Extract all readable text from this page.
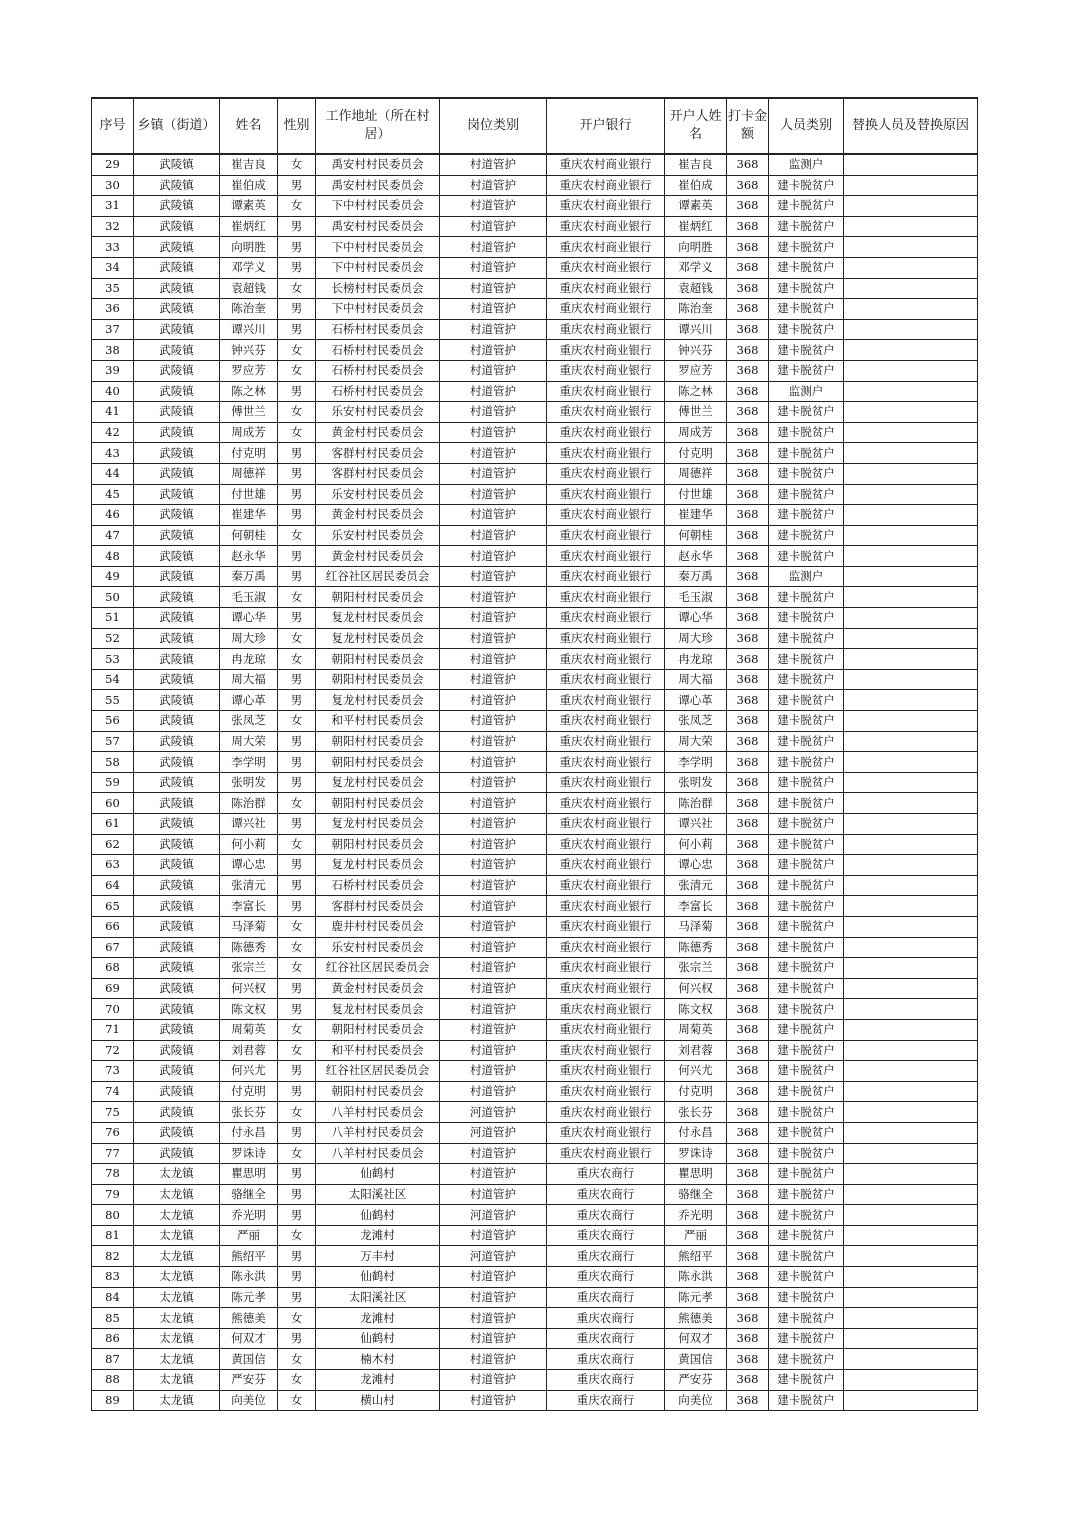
序号	乡镇（街道）	姓名	性别	工作地址（所在村居）	岗位类别	开户银行	开户人姓名	打卡金额	人员类别	替换人员及替换原因
29	武陵镇	崔吉良	女	禹安村村民委员会	村道管护	重庆农村商业银行	崔吉良	368	监测户	
30	武陵镇	崔伯成	男	禹安村村民委员会	村道管护	重庆农村商业银行	崔伯成	368	建卡脱贫户	
31	武陵镇	谭素英	女	下中村村民委员会	村道管护	重庆农村商业银行	谭素英	368	建卡脱贫户	
32	武陵镇	崔炳红	男	禹安村村民委员会	村道管护	重庆农村商业银行	崔炳红	368	建卡脱贫户	
33	武陵镇	向明胜	男	下中村村民委员会	村道管护	重庆农村商业银行	向明胜	368	建卡脱贫户	
34	武陵镇	邓学义	男	下中村村民委员会	村道管护	重庆农村商业银行	邓学义	368	建卡脱贫户	
35	武陵镇	袁超钱	女	长榜村村民委员会	村道管护	重庆农村商业银行	袁超钱	368	建卡脱贫户	
36	武陵镇	陈治奎	男	下中村村民委员会	村道管护	重庆农村商业银行	陈治奎	368	建卡脱贫户	
37	武陵镇	谭兴川	男	石桥村村民委员会	村道管护	重庆农村商业银行	谭兴川	368	建卡脱贫户	
38	武陵镇	钟兴芬	女	石桥村村民委员会	村道管护	重庆农村商业银行	钟兴芬	368	建卡脱贫户	
39	武陵镇	罗应芳	女	石桥村村民委员会	村道管护	重庆农村商业银行	罗应芳	368	建卡脱贫户	
40	武陵镇	陈之林	男	石桥村村民委员会	村道管护	重庆农村商业银行	陈之林	368	监测户	
41	武陵镇	傅世兰	女	乐安村村民委员会	村道管护	重庆农村商业银行	傅世兰	368	建卡脱贫户	
42	武陵镇	周成芳	女	黄金村村民委员会	村道管护	重庆农村商业银行	周成芳	368	建卡脱贫户	
43	武陵镇	付克明	男	客群村村民委员会	村道管护	重庆农村商业银行	付克明	368	建卡脱贫户	
44	武陵镇	周德祥	男	客群村村民委员会	村道管护	重庆农村商业银行	周德祥	368	建卡脱贫户	
45	武陵镇	付世雄	男	乐安村村民委员会	村道管护	重庆农村商业银行	付世雄	368	建卡脱贫户	
46	武陵镇	崔建华	男	黄金村村民委员会	村道管护	重庆农村商业银行	崔建华	368	建卡脱贫户	
47	武陵镇	何朝桂	女	乐安村村民委员会	村道管护	重庆农村商业银行	何朝桂	368	建卡脱贫户	
48	武陵镇	赵永华	男	黄金村村民委员会	村道管护	重庆农村商业银行	赵永华	368	建卡脱贫户	
49	武陵镇	秦万禹	男	红谷社区居民委员会	村道管护	重庆农村商业银行	秦万禹	368	监测户	
50	武陵镇	毛玉淑	女	朝阳村村民委员会	村道管护	重庆农村商业银行	毛玉淑	368	建卡脱贫户	
51	武陵镇	谭心华	男	复龙村村民委员会	村道管护	重庆农村商业银行	谭心华	368	建卡脱贫户	
52	武陵镇	周大珍	女	复龙村村民委员会	村道管护	重庆农村商业银行	周大珍	368	建卡脱贫户	
53	武陵镇	冉龙琼	女	朝阳村村民委员会	村道管护	重庆农村商业银行	冉龙琼	368	建卡脱贫户	
54	武陵镇	周大福	男	朝阳村村民委员会	村道管护	重庆农村商业银行	周大福	368	建卡脱贫户	
55	武陵镇	谭心革	男	复龙村村民委员会	村道管护	重庆农村商业银行	谭心革	368	建卡脱贫户	
56	武陵镇	张凤芝	女	和平村村民委员会	村道管护	重庆农村商业银行	张凤芝	368	建卡脱贫户	
57	武陵镇	周大荣	男	朝阳村村民委员会	村道管护	重庆农村商业银行	周大荣	368	建卡脱贫户	
58	武陵镇	李学明	男	朝阳村村民委员会	村道管护	重庆农村商业银行	李学明	368	建卡脱贫户	
59	武陵镇	张明发	男	复龙村村民委员会	村道管护	重庆农村商业银行	张明发	368	建卡脱贫户	
60	武陵镇	陈治群	女	朝阳村村民委员会	村道管护	重庆农村商业银行	陈治群	368	建卡脱贫户	
61	武陵镇	谭兴社	男	复龙村村民委员会	村道管护	重庆农村商业银行	谭兴社	368	建卡脱贫户	
62	武陵镇	何小莉	女	朝阳村村民委员会	村道管护	重庆农村商业银行	何小莉	368	建卡脱贫户	
63	武陵镇	谭心忠	男	复龙村村民委员会	村道管护	重庆农村商业银行	谭心忠	368	建卡脱贫户	
64	武陵镇	张清元	男	石桥村村民委员会	村道管护	重庆农村商业银行	张清元	368	建卡脱贫户	
65	武陵镇	李富长	男	客群村村民委员会	村道管护	重庆农村商业银行	李富长	368	建卡脱贫户	
66	武陵镇	马泽菊	女	鹿井村村民委员会	村道管护	重庆农村商业银行	马泽菊	368	建卡脱贫户	
67	武陵镇	陈德秀	女	乐安村村民委员会	村道管护	重庆农村商业银行	陈德秀	368	建卡脱贫户	
68	武陵镇	张宗兰	女	红谷社区居民委员会	村道管护	重庆农村商业银行	张宗兰	368	建卡脱贫户	
69	武陵镇	何兴权	男	黄金村村民委员会	村道管护	重庆农村商业银行	何兴权	368	建卡脱贫户	
70	武陵镇	陈文权	男	复龙村村民委员会	村道管护	重庆农村商业银行	陈文权	368	建卡脱贫户	
71	武陵镇	周菊英	女	朝阳村村民委员会	村道管护	重庆农村商业银行	周菊英	368	建卡脱贫户	
72	武陵镇	刘君蓉	女	和平村村民委员会	村道管护	重庆农村商业银行	刘君蓉	368	建卡脱贫户	
73	武陵镇	何兴尤	男	红谷社区居民委员会	村道管护	重庆农村商业银行	何兴尤	368	建卡脱贫户	
74	武陵镇	付克明	男	朝阳村村民委员会	村道管护	重庆农村商业银行	付克明	368	建卡脱贫户	
75	武陵镇	张长芬	女	八羊村村民委员会	河道管护	重庆农村商业银行	张长芬	368	建卡脱贫户	
76	武陵镇	付永昌	男	八羊村村民委员会	河道管护	重庆农村商业银行	付永昌	368	建卡脱贫户	
77	武陵镇	罗诛诗	女	八羊村村民委员会	村道管护	重庆农村商业银行	罗诛诗	368	建卡脱贫户	
78	太龙镇	瞿思明	男	仙鹤村	村道管护	重庆农商行	瞿思明	368	建卡脱贫户	
79	太龙镇	骆继全	男	太阳溪社区	村道管护	重庆农商行	骆继全	368	建卡脱贫户	
80	太龙镇	乔光明	男	仙鹤村	河道管护	重庆农商行	乔光明	368	建卡脱贫户	
81	太龙镇	严丽	女	龙滩村	村道管护	重庆农商行	严丽	368	建卡脱贫户	
82	太龙镇	熊绍平	男	万丰村	河道管护	重庆农商行	熊绍平	368	建卡脱贫户	
83	太龙镇	陈永洪	男	仙鹤村	村道管护	重庆农商行	陈永洪	368	建卡脱贫户	
84	太龙镇	陈元孝	男	太阳溪社区	村道管护	重庆农商行	陈元孝	368	建卡脱贫户	
85	太龙镇	熊德美	女	龙滩村	村道管护	重庆农商行	熊德美	368	建卡脱贫户	
86	太龙镇	何双才	男	仙鹤村	村道管护	重庆农商行	何双才	368	建卡脱贫户	
87	太龙镇	黄国信	女	楠木村	村道管护	重庆农商行	黄国信	368	建卡脱贫户	
88	太龙镇	严安芬	女	龙滩村	村道管护	重庆农商行	严安芬	368	建卡脱贫户	
89	太龙镇	向美位	女	横山村	村道管护	重庆农商行	向美位	368	建卡脱贫户	
